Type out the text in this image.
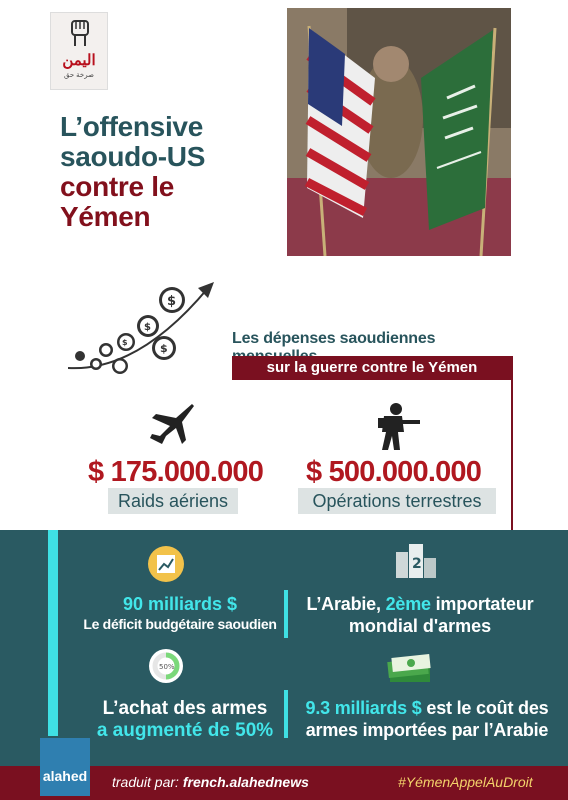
اليمن
صرخة حق
L’offensive
saoudo-US
contre le
Yémen
$
$
$
$
Les dépenses saoudiennes
sur la guerre contre le Yémen
$ 175.000.000 $ 500.000.000
Raids aériens	Opérations terrestres
90 milliards $
Le déficit budgétaire saoudien
2
L’Arabie, 2ème importateur
mondial d'armes
50%
L’achat des armes
a augmenté de 50%
9.3 milliards $ est le coût des
armes importées par l’Arabie
alahed traduit par: french.alahednews	#YémenAppelAuDroit
